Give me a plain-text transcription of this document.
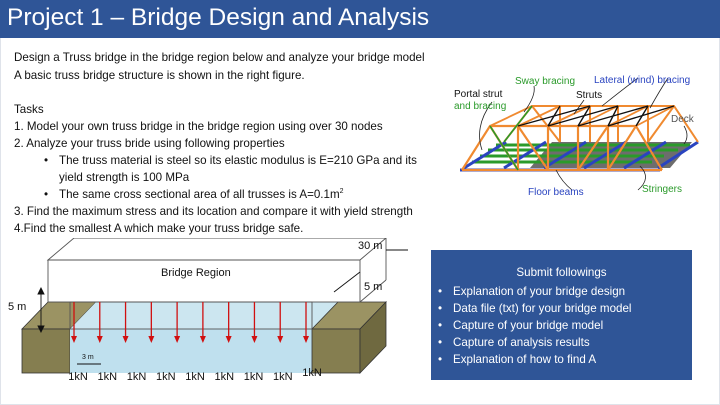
Project 1 – Bridge Design and Analysis
Design a Truss bridge in the bridge region below and analyze your bridge model
A basic truss bridge structure is shown in the right figure.
Tasks
1. Model your own truss bridge in the bridge region using over 30 nodes
2. Analyze your truss bride using following properties
• The truss material is steel so its elastic modulus is E=210 GPa and its
yield strength is 100 MPa
• The same cross sectional area of all trusses is $A=0.1m^2$
3. Find the maximum stress and its location and compare it with yield strength
4.Find the smallest A which make your truss bridge safe.
Sway bracing Lateral (wind) bracing
Portal strut
and bracing
Struts
Deck
Stringers
Floor beams
30 m
5 m
5 m
Bridge Region
3 m
1kN 1kN 1kN 1kN 1kN 1kN 1kN 1kN 1kN
Submit followings
• Explanation of your bridge design
• Data file (txt) for your bridge model
• Capture of your bridge model
• Capture of analysis results
• Explanation of how to find A
